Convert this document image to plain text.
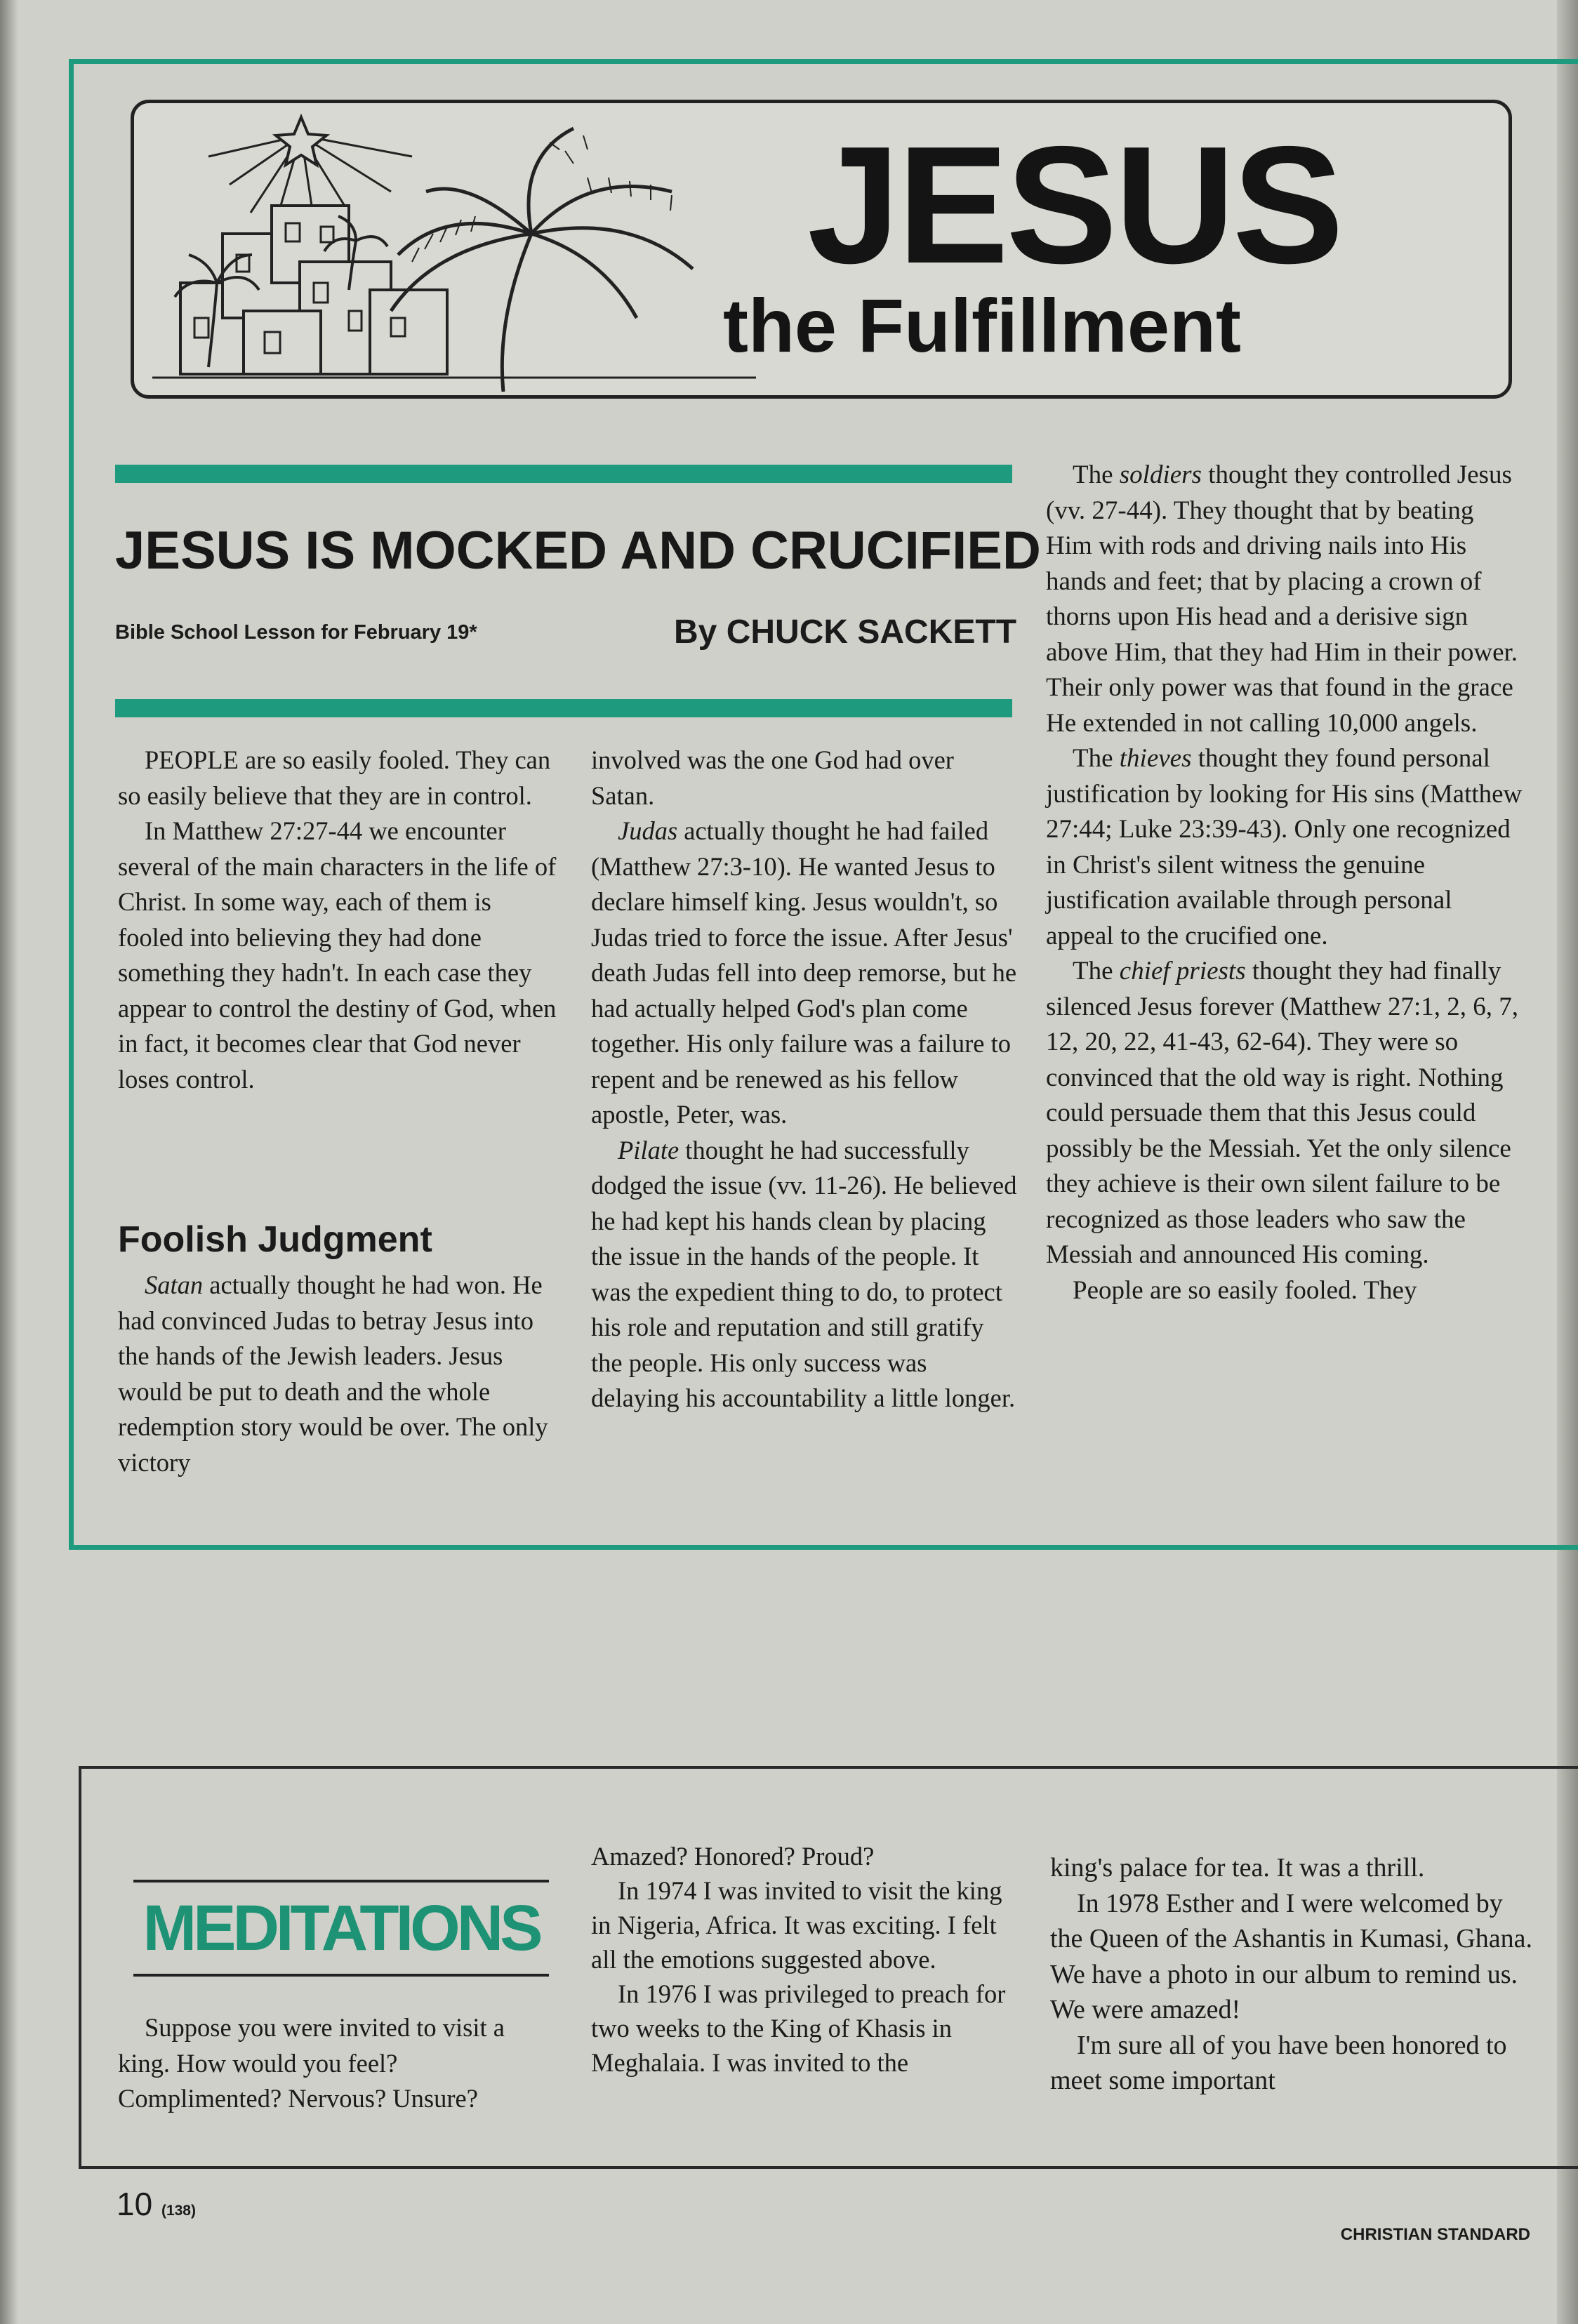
JESUS
the Fulfillment
JESUS IS MOCKED AND CRUCIFIED
Bible School Lesson for February 19*	By CHUCK SACKETT

PEOPLE are so easily fooled. They can so easily believe that they are in control.

In Matthew 27:27-44 we encounter several of the main characters in the life of Christ. In some way, each of them is fooled into believing they had done something they hadn't. In each case they appear to control the destiny of God, when in fact, it becomes clear that God never loses control.

Foolish Judgment

Satan actually thought he had won. He had convinced Judas to betray Jesus into the hands of the Jewish leaders. Jesus would be put to death and the whole redemption story would be over. The only victory

involved was the one God had over Satan.

Judas actually thought he had failed (Matthew 27:3-10). He wanted Jesus to declare himself king. Jesus wouldn't, so Judas tried to force the issue. After Jesus' death Judas fell into deep remorse, but he had actually helped God's plan come together. His only failure was a failure to repent and be renewed as his fellow apostle, Peter, was.

Pilate thought he had successfully dodged the issue (vv. 11-26). He believed he had kept his hands clean by placing the issue in the hands of the people. It was the expedient thing to do, to protect his role and reputation and still gratify the people. His only success was delaying his accountability a little longer.

The soldiers thought they controlled Jesus (vv. 27-44). They thought that by beating Him with rods and driving nails into His hands and feet; that by placing a crown of thorns upon His head and a derisive sign above Him, that they had Him in their power. Their only power was that found in the grace He extended in not calling 10,000 angels.

The thieves thought they found personal justification by looking for His sins (Matthew 27:44; Luke 23:39-43). Only one recognized in Christ's silent witness the genuine justification available through personal appeal to the crucified one.

The chief priests thought they had finally silenced Jesus forever (Matthew 27:1, 2, 6, 7, 12, 20, 22, 41-43, 62-64). They were so convinced that the old way is right. Nothing could persuade them that this Jesus could possibly be the Messiah. Yet the only silence they achieve is their own silent failure to be recognized as those leaders who saw the Messiah and announced His coming.

People are so easily fooled. They

MEDITATIONS

Suppose you were invited to visit a king. How would you feel? Complimented? Nervous? Unsure?

Amazed? Honored? Proud?

In 1974 I was invited to visit the king in Nigeria, Africa. It was exciting. I felt all the emotions suggested above.

In 1976 I was privileged to preach for two weeks to the King of Khasis in Meghalaia. I was invited to the

king's palace for tea. It was a thrill.

In 1978 Esther and I were welcomed by the Queen of the Ashantis in Kumasi, Ghana. We have a photo in our album to remind us. We were amazed!

I'm sure all of you have been honored to meet some important

10 (138)
CHRISTIAN STANDARD
